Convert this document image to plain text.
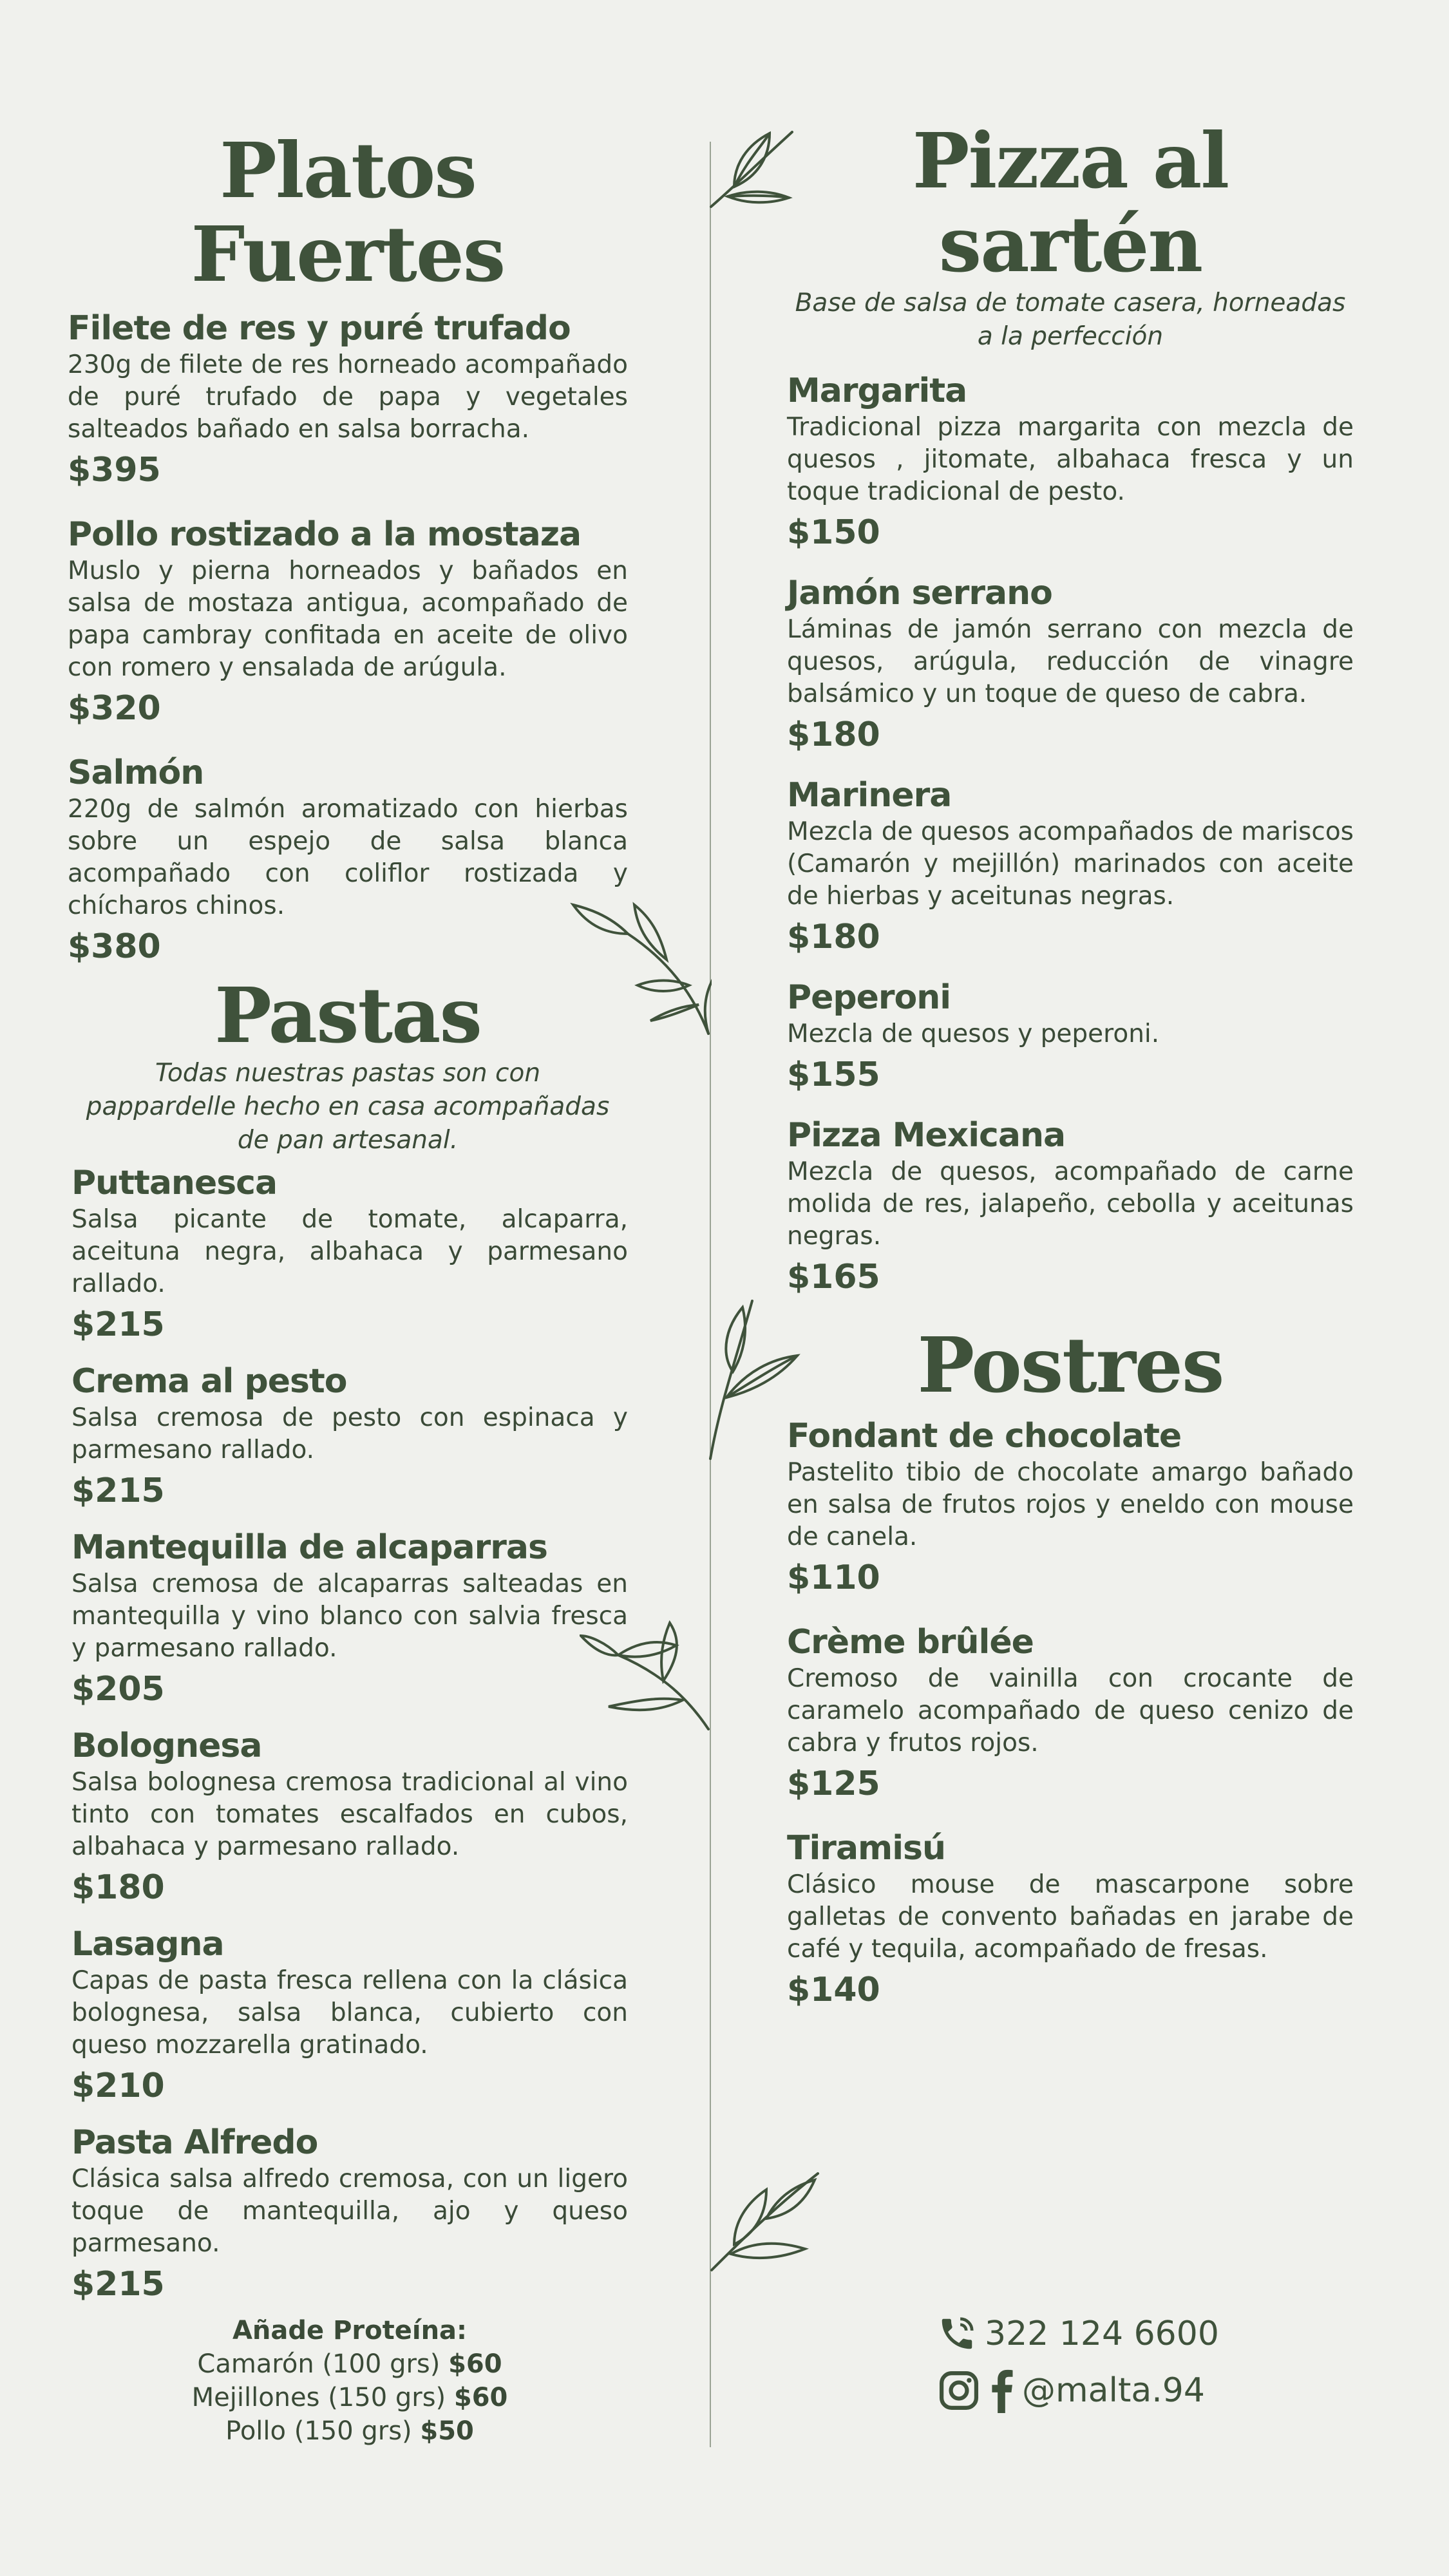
Platos Fuertes

Filete de res y puré trufado

230g de filete de res horneado acompañado de puré trufado de papa y vegetales salteados bañado en salsa borracha.

$395

Pollo rostizado a la mostaza

Muslo y pierna horneados y bañados en salsa de mostaza antigua, acompañado de papa cambray confitada en aceite de olivo con romero y ensalada de arúgula.

$320

Salmón

220g de salmón aromatizado con hierbas sobre un espejo de salsa blanca acompañado con coliflor rostizada y chícharos chinos.

$380

Pastas

Todas nuestras pastas son con pappardelle hecho en casa acompañadas de pan artesanal.

Puttanesca

Salsa picante de tomate, alcaparra, aceituna negra, albahaca y parmesano rallado.

$215

Crema al pesto

Salsa cremosa de pesto con espinaca y parmesano rallado.

$215

Mantequilla de alcaparras

Salsa cremosa de alcaparras salteadas en mantequilla y vino blanco con salvia fresca y parmesano rallado.

$205

Bolognesa

Salsa bolognesa cremosa tradicional al vino tinto con tomates escalfados en cubos, albahaca y parmesano rallado.

$180

Lasagna

Capas de pasta fresca rellena con la clásica bolognesa, salsa blanca, cubierto con queso mozzarella gratinado.

$210

Pasta Alfredo

Clásica salsa alfredo cremosa, con un ligero toque de mantequilla, ajo y queso parmesano.

$215

Añade Proteína:
Camarón (100 grs) $60
Mejillones (150 grs) $60
Pollo (150 grs) $50
Pizza al sartén

Base de salsa de tomate casera, horneadas a la perfección

Margarita

Tradicional pizza margarita con mezcla de quesos , jitomate, albahaca fresca y un toque tradicional de pesto.

$150

Jamón serrano

Láminas de jamón serrano con mezcla de quesos, arúgula, reducción de vinagre balsámico y un toque de queso de cabra.

$180

Marinera

Mezcla de quesos acompañados de mariscos (Camarón y mejillón) marinados con aceite de hierbas y aceitunas negras.

$180

Peperoni

Mezcla de quesos y peperoni.

$155

Pizza Mexicana

Mezcla de quesos, acompañado de carne molida de res, jalapeño, cebolla y aceitunas negras.

$165

Postres

Fondant de chocolate

Pastelito tibio de chocolate amargo bañado en salsa de frutos rojos y eneldo con mouse de canela.

$110

Crème brûlée

Cremoso de vainilla con crocante de caramelo acompañado de queso cenizo de cabra y frutos rojos.

$125

Tiramisú

Clásico mouse de mascarpone sobre galletas de convento bañadas en jarabe de café y tequila, acompañado de fresas.

$140

322 124 6600
@malta.94
